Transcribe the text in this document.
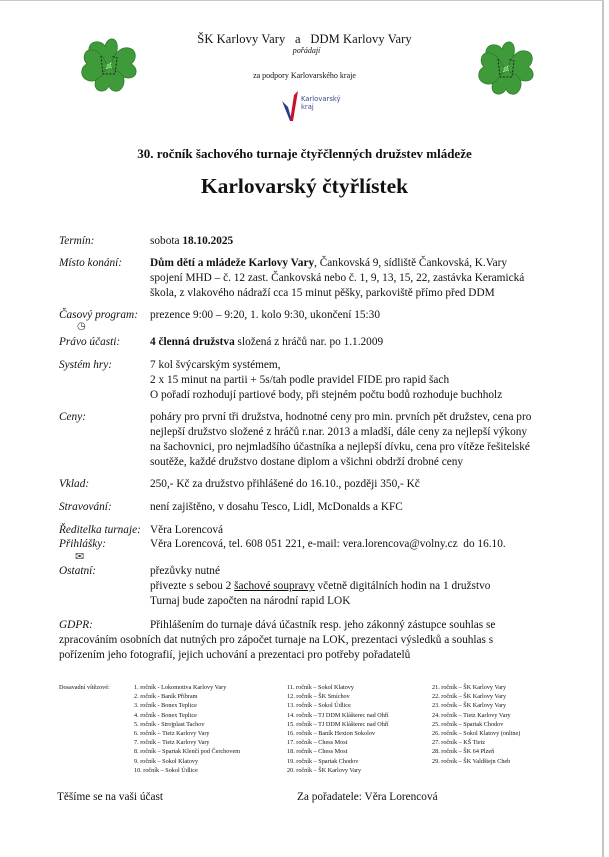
ŠK Karlovy Vary   a   DDM Karlovy Vary
pořádají
za podpory Karlovarského kraje
Karlovarský
kraj
30. ročník šachového turnaje čtyřčlenných družstev mládeže
Karlovarský čtyřlístek
Termín:	sobota 18.10.2025
Místo konání: Dům dětí a mládeže Karlovy Vary, Čankovská 9, sídliště Čankovská, K.Vary
spojení MHD – č. 12 zast. Čankovská nebo č. 1, 9, 13, 15, 22, zastávka Keramická
škola, z vlakového nádraží cca 15 minut pěšky, parkoviště přímo před DDM
Časový program: prezence 9:00 – 9:20, 1. kolo 9:30, ukončení 15:30
◷
Právo účasti:	4 členná družstva složená z hráčů nar. po 1.1.2009
Systém hry:	7 kol švýcarským systémem,
2 x 15 minut na partii + 5s/tah podle pravidel FIDE pro rapid šach
O pořadí rozhodují partiové body, při stejném počtu bodů rozhoduje buchholz
Ceny:	poháry pro první tři družstva, hodnotné ceny pro min. prvních pět družstev, cena pro
nejlepší družstvo složené z hráčů r.nar. 2013 a mladší, dále ceny za nejlepší výkony
na šachovnici, pro nejmladšího účastníka a nejlepší dívku, cena pro vítěze řešitelské
soutěže, každé družstvo dostane diplom a všichni obdrží drobné ceny
Vklad:	250,- Kč za družstvo přihlášené do 16.10., později 350,- Kč
Stravování:	není zajištěno, v dosahu Tesco, Lidl, McDonalds a KFC
Ředitelka turnaje: Věra Lorencová
Přihlášky:	Věra Lorencová, tel. 608 051 221, e-mail: vera.lorencova@volny.cz  do 16.10.
✉
Ostatní:	přezůvky nutné
přivezte s sebou 2 šachové soupravy včetně digitálních hodin na 1 družstvo
Turnaj bude započten na národní rapid LOK
GDPR:	Přihlášením do turnaje dává účastník resp. jeho zákonný zástupce souhlas se
zpracováním osobních dat nutných pro zápočet turnaje na LOK, prezentaci výsledků a souhlas s
pořízením jeho fotografií, jejich uchování a prezentaci pro potřeby pořadatelů
Dosavadní vítězové:	1. ročník - Lokomotiva Karlovy Vary
2. ročník - Baník Příbram
3. ročník - Bonex Teplice
4. ročník - Bonex Teplice
5. ročník - Strojplast Tachov
6. ročník – Tietz Karlovy Vary
7. ročník – Tietz Karlovy Vary
8. ročník – Spartak Klenčí pod Čerchovem
9. ročník – Sokol Klatovy
10. ročník – Sokol Údlice
11. ročník – Sokol Klatovy
12. ročník – ŠK Smíchov
13. ročník – Sokol Údlice
14. ročník – TJ DDM Klášterec nad Ohří
15. ročník – TJ DDM Klášterec nad Ohří
16. ročník – Baník Hexion Sokolov
17. ročník – Chess Most
18. ročník – Chess Most
19. ročník – Spartak Chodov
20. ročník – ŠK Karlovy Vary
21. ročník – ŠK Karlovy Vary
22. ročník – ŠK Karlovy Vary
23. ročník – ŠK Karlovy Vary
24. ročník – Tietz Karlovy Vary
25. ročník – Spartak Chodov
26. ročník – Sokol Klatovy (online)
27. ročník – KŠ Tietz
28. ročník – ŠK 64 Plzeň
29. ročník – ŠK Valdštejn Cheb
Těšíme se na vaši účast	Za pořadatele: Věra Lorencová
